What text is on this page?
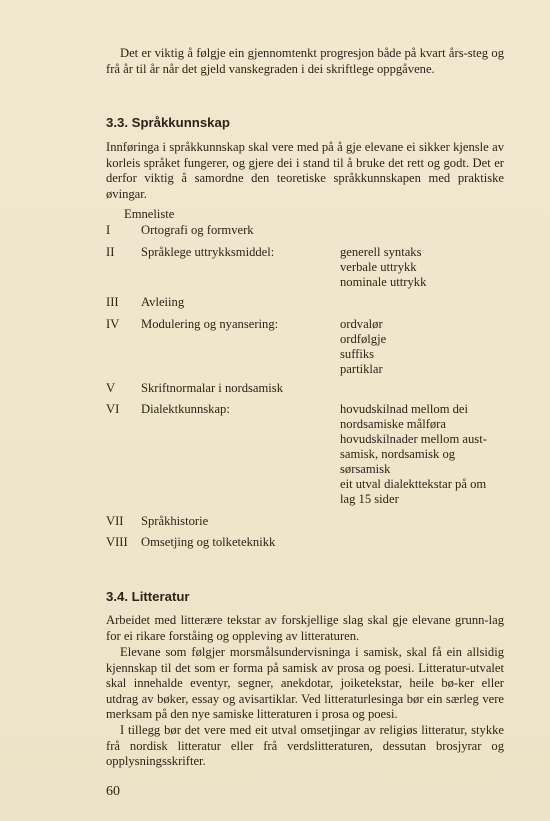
Det er viktig å følgje ein gjennomtenkt progresjon både på kvart års-steg og frå år til år når det gjeld vanskegraden i dei skriftlege oppgåvene.

3.3. Språkkunnskap

Innføringa i språkkunnskap skal vere med på å gje elevane ei sikker kjenslе av korleis språket fungerer, og gjere dei i stand til å bruke det rett og godt. Det er derfor viktig å samordne den teoretiske språkkunnskapen med praktiske øvingar.

Emneliste
I Ortografi og formverk
II Språklege uttrykksmiddel:	generell syntaks
verbale uttrykk
nominale uttrykk
III Avleiing
IV Modulering og nyansering:	ordvalør
ordfølgje
suffiks
partiklar
V Skriftnormalar i nordsamisk
VI Dialektkunnskap:	hovudskilnad mellom dei
nordsamiske målføra
hovudskilnader mellom aust-
samisk, nordsamisk og
sørsamisk
eit utval dialekttekstar på om
lag 15 sider
VII Språkhistorie
VIII Omsetjing og tolketeknikk
3.4. Litteratur

Arbeidet med litterære tekstar av forskjellige slag skal gje elevane grunn-lag for ei rikare forståing og oppleving av litteraturen.

Elevane som følgjer morsmålsundervisninga i samisk, skal få ein allsidig kjennskap til det som er forma på samisk av prosa og poesi. Litteratur-utvalet skal innehalde eventyr, segner, anekdotar, joiketekstar, heile bø-ker eller utdrag av bøker, essay og avisartiklar. Ved litteraturlesinga bør ein særleg vere merksam på den nye samiske litteraturen i prosa og poesi.

I tillegg bør det vere med eit utval omsetjingar av religiøs litteratur, stykke frå nordisk litteratur eller frå verdslitteraturen, dessutan brosjyrar og opplysningsskrifter.

60
